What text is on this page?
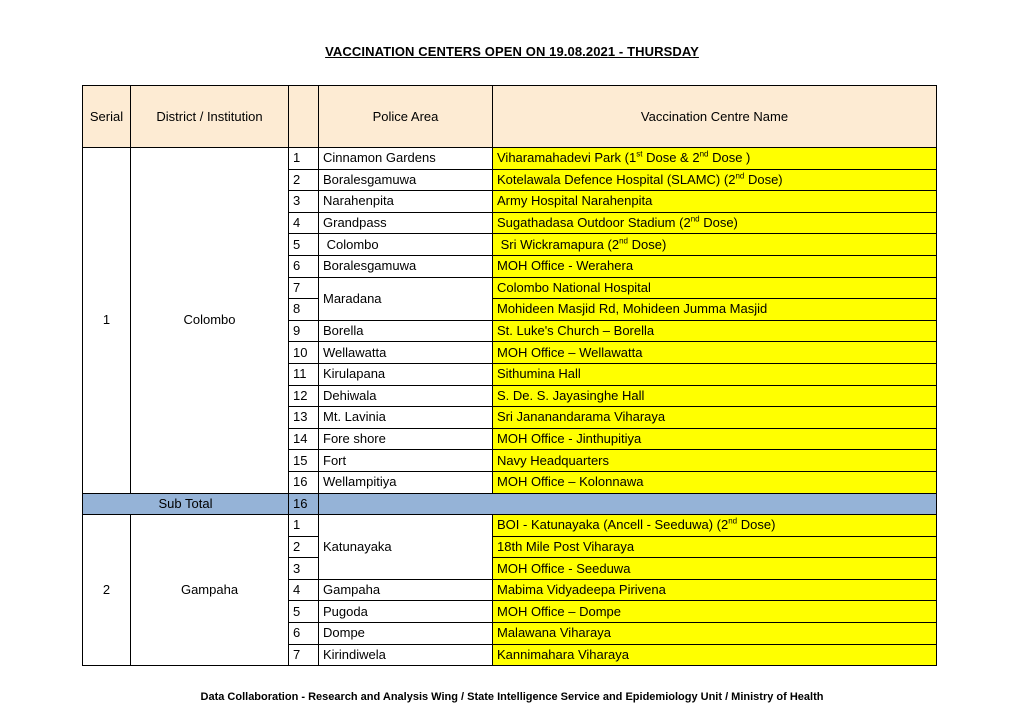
VACCINATION CENTERS OPEN ON 19.08.2021 - THURSDAY
Serial	District / Institution		Police Area	Vaccination Centre Name
1	Colombo	1	Cinnamon Gardens	Viharamahadevi Park (1st Dose & 2nd Dose )
		2	Boralesgamuwa	Kotelawala Defence Hospital (SLAMC) (2nd Dose)
		3	Narahenpita	Army Hospital Narahenpita
		4	Grandpass	Sugathadasa Outdoor Stadium (2nd Dose)
		5	Colombo	Sri Wickramapura (2nd Dose)
		6	Boralesgamuwa	MOH Office - Werahera
		7	Maradana	Colombo National Hospital
		8		Mohideen Masjid Rd, Mohideen Jumma Masjid
		9	Borella	St. Luke's Church – Borella
		10	Wellawatta	MOH Office – Wellawatta
		11	Kirulapana	Sithumina Hall
		12	Dehiwala	S. De. S. Jayasinghe Hall
		13	Mt. Lavinia	Sri Jananandarama Viharaya
		14	Fore shore	MOH Office - Jinthupitiya
		15	Fort	Navy Headquarters
		16	Wellampitiya	MOH Office – Kolonnawa
Sub Total		16		
2	Gampaha	1	Katunayaka	BOI - Katunayaka (Ancell - Seeduwa) (2nd Dose)
		2		18th Mile Post Viharaya
		3		MOH Office - Seeduwa
		4	Gampaha	Mabima Vidyadeepa Pirivena
		5	Pugoda	MOH Office – Dompe
		6	Dompe	Malawana Viharaya
		7	Kirindiwela	Kannimahara Viharaya
Data Collaboration - Research and Analysis Wing / State Intelligence Service and Epidemiology Unit / Ministry of Health
